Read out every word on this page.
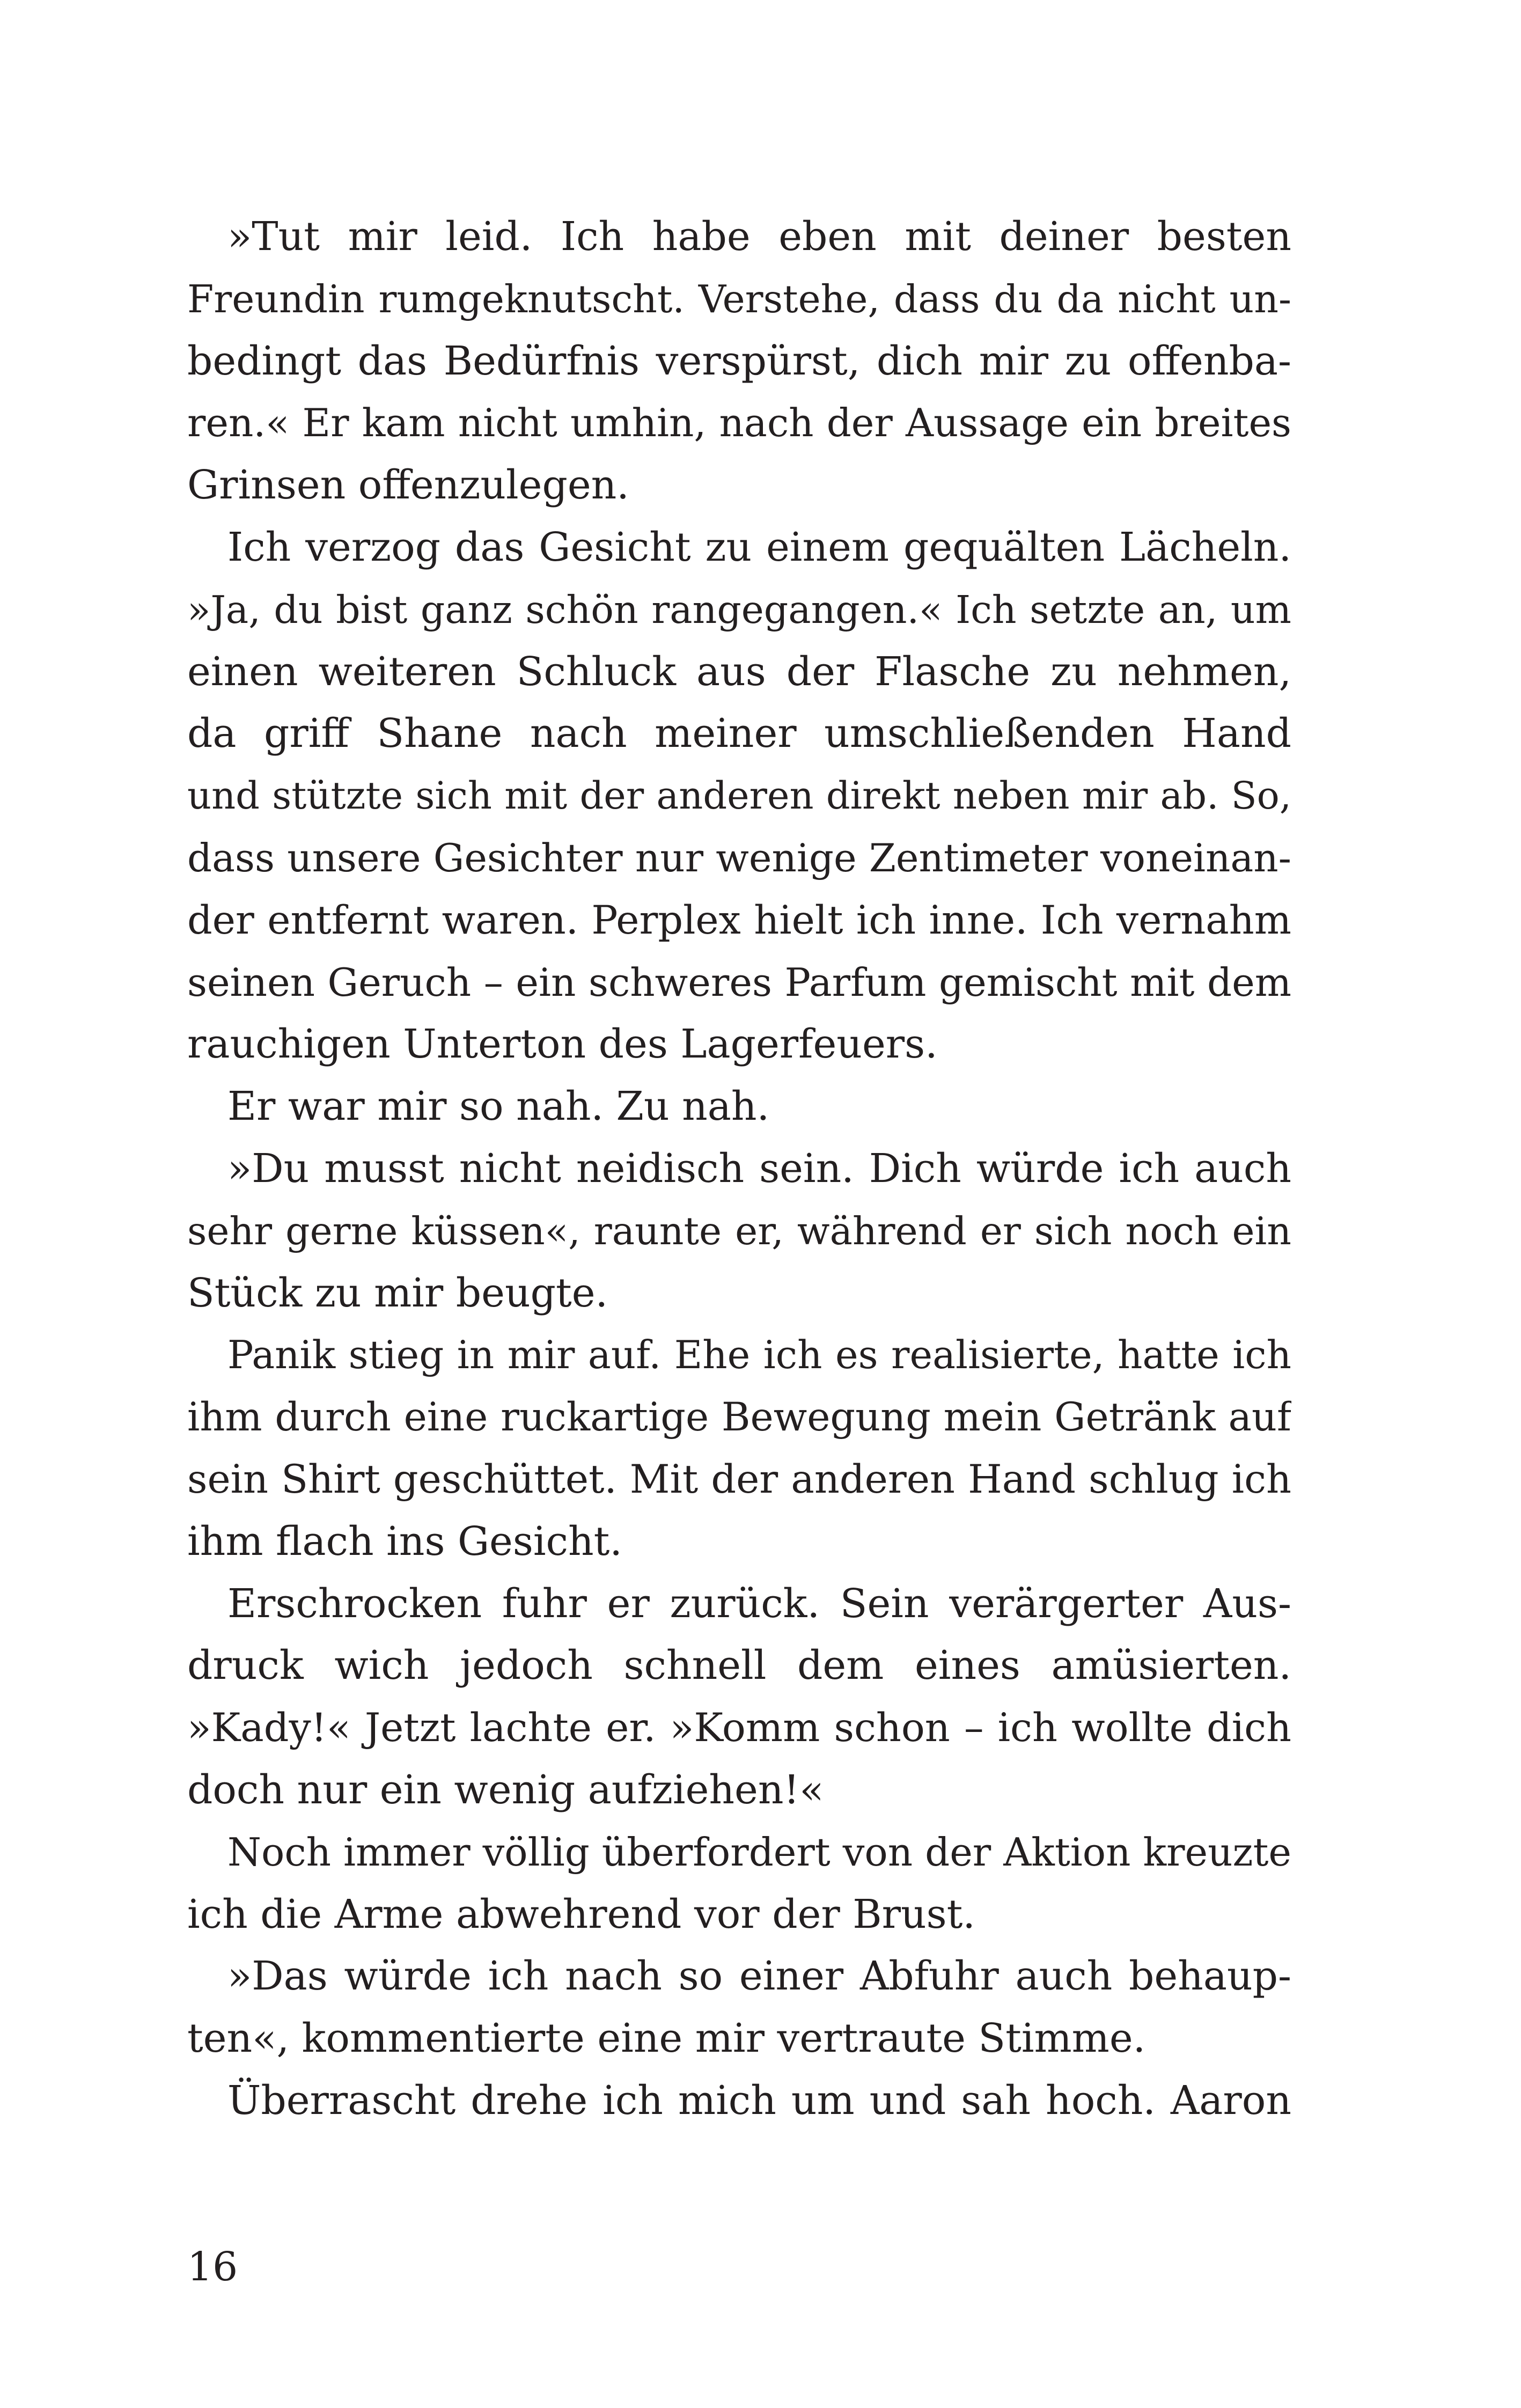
»Tut mir leid. Ich habe eben mit deiner besten
Freundin rumgeknutscht. Verstehe, dass du da nicht un-
bedingt das Bedürfnis verspürst, dich mir zu offenba-
ren.« Er kam nicht umhin, nach der Aussage ein breites
Grinsen offenzulegen.
Ich verzog das Gesicht zu einem gequälten Lächeln.
»Ja, du bist ganz schön rangegangen.« Ich setzte an, um
einen weiteren Schluck aus der Flasche zu nehmen,
da griff Shane nach meiner umschließenden Hand
und stützte sich mit der anderen direkt neben mir ab. So,
dass unsere Gesichter nur wenige Zentimeter voneinan-
der entfernt waren. Perplex hielt ich inne. Ich vernahm
seinen Geruch – ein schweres Parfum gemischt mit dem
rauchigen Unterton des Lagerfeuers.
Er war mir so nah. Zu nah.
»Du musst nicht neidisch sein. Dich würde ich auch
sehr gerne küssen«, raunte er, während er sich noch ein
Stück zu mir beugte.
Panik stieg in mir auf. Ehe ich es realisierte, hatte ich
ihm durch eine ruckartige Bewegung mein Getränk auf
sein Shirt geschüttet. Mit der anderen Hand schlug ich
ihm flach ins Gesicht.
Erschrocken fuhr er zurück. Sein verärgerter Aus-
druck wich jedoch schnell dem eines amüsierten.
»Kady!« Jetzt lachte er. »Komm schon – ich wollte dich
doch nur ein wenig aufziehen!«
Noch immer völlig überfordert von der Aktion kreuzte
ich die Arme abwehrend vor der Brust.
»Das würde ich nach so einer Abfuhr auch behaup-
ten«, kommentierte eine mir vertraute Stimme.
Überrascht drehe ich mich um und sah hoch. Aaron
16
